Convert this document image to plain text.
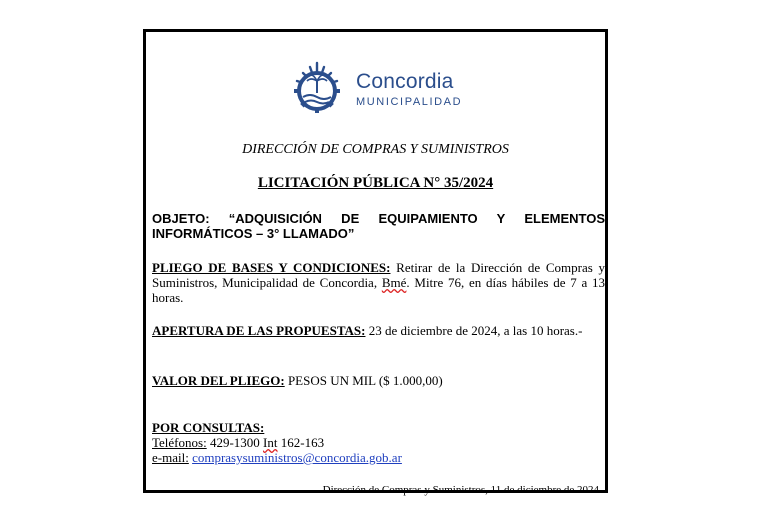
Concordia
MUNICIPALIDAD
DIRECCIÓN DE COMPRAS Y SUMINISTROS
LICITACIÓN PÚBLICA N° 35/2024
OBJETO: “ADQUISICIÓN DE EQUIPAMIENTO Y ELEMENTOS INFORMÁTICOS – 3° LLAMADO”
PLIEGO DE BASES Y CONDICIONES: Retirar de la Dirección de Compras y Suministros, Municipalidad de Concordia, Bmé. Mitre 76, en días hábiles de 7 a 13 horas.
APERTURA DE LAS PROPUESTAS: 23 de diciembre de 2024, a las 10 horas.-
VALOR DEL PLIEGO: PESOS UN MIL ($ 1.000,00)
POR CONSULTAS:
Teléfonos: 429-1300 Int 162-163
e-mail: comprasysuministros@concordia.gob.ar
Dirección de Compras y Suministros, 11 de diciembre de 2024
